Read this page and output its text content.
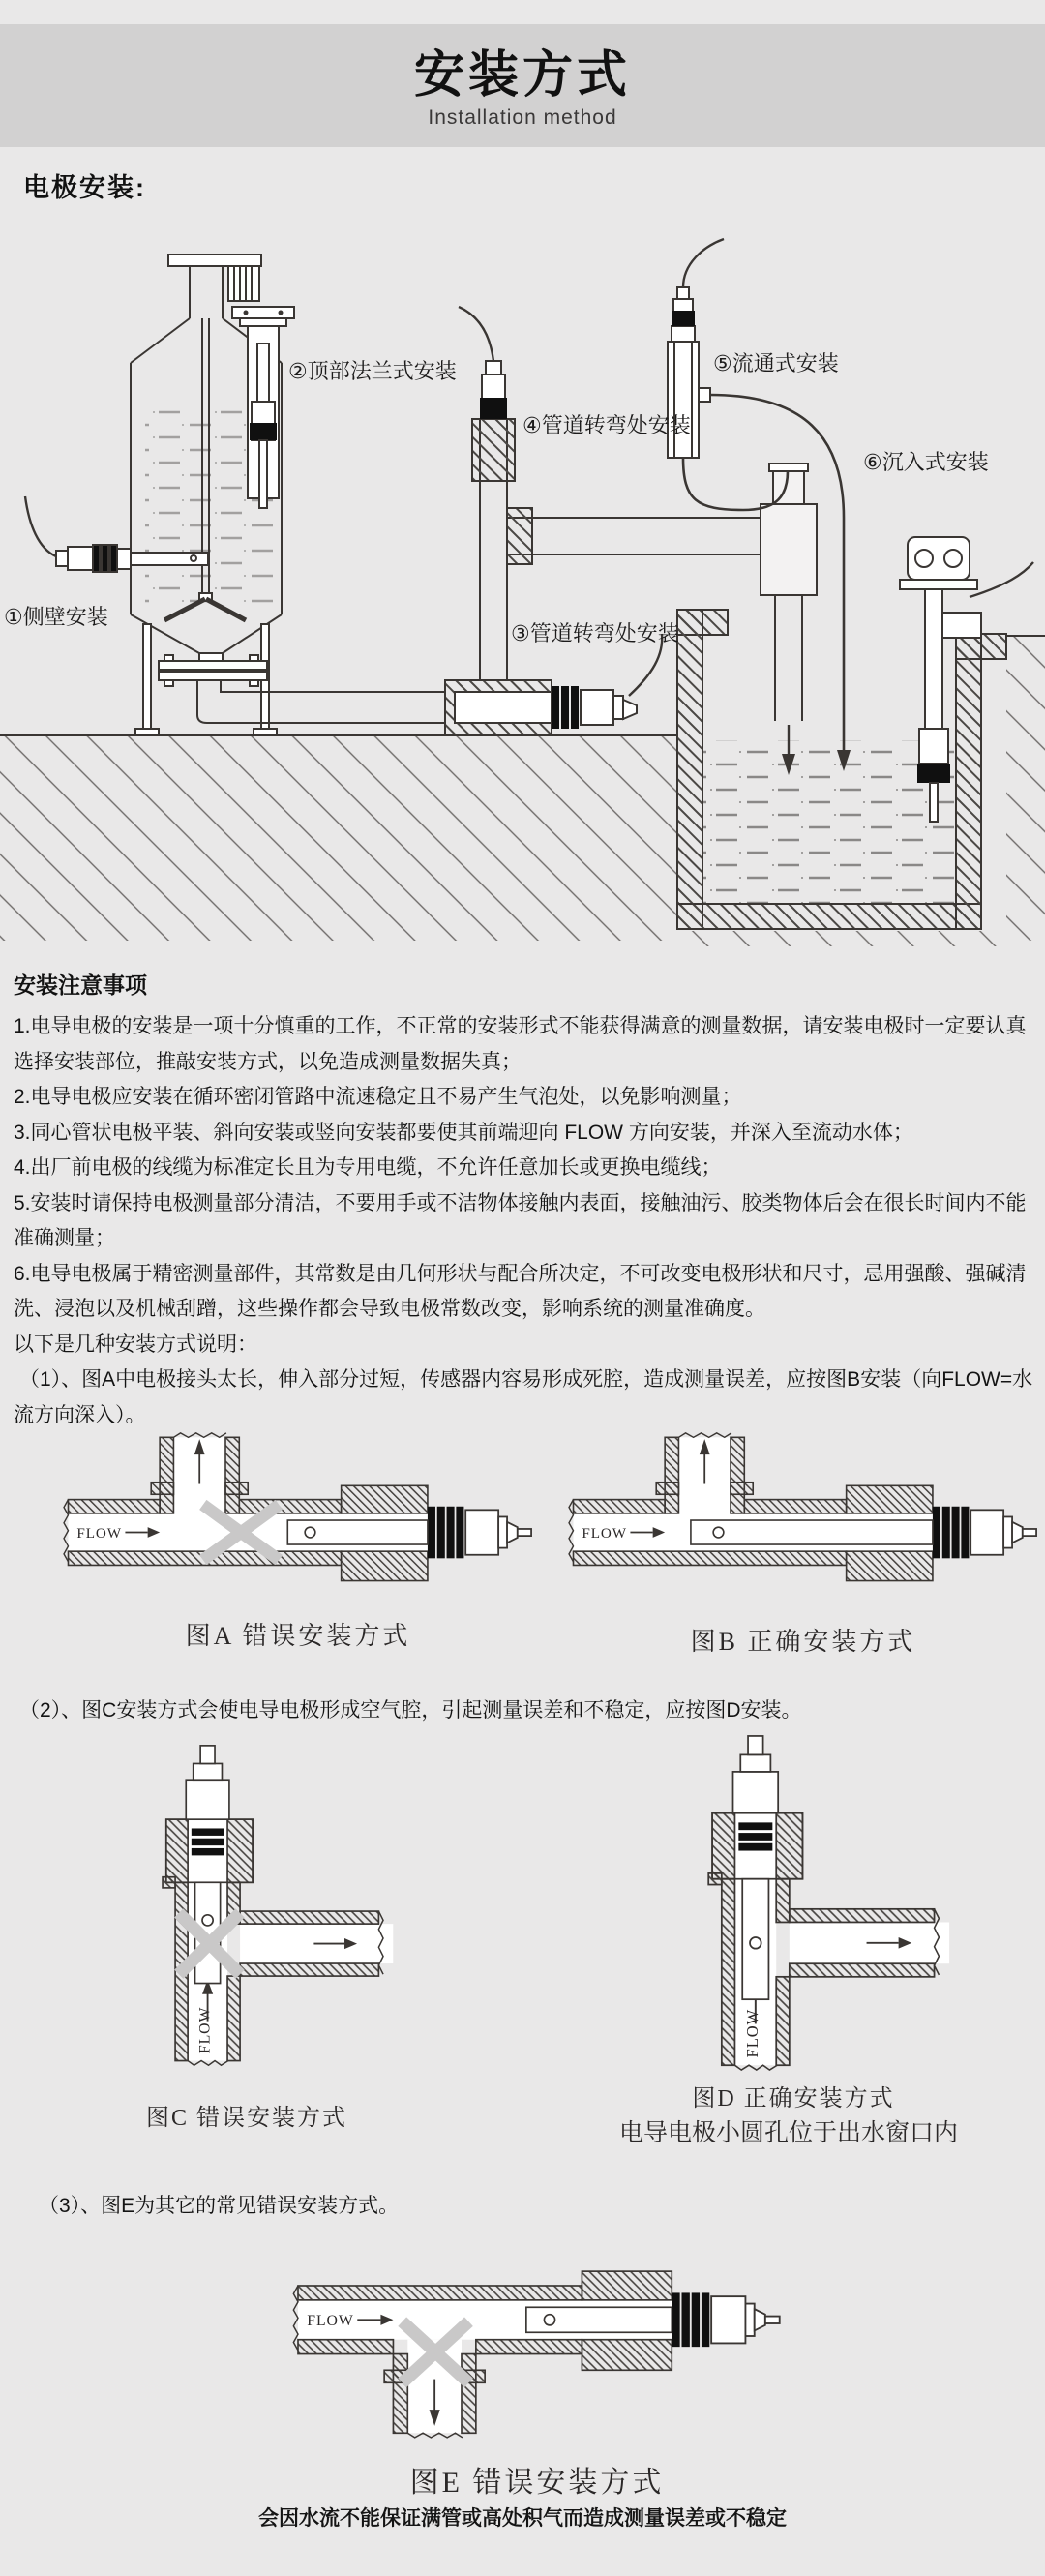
安装方式
Installation method
电极安装:
①侧壁安装
②顶部法兰式安装
③管道转弯处安装
④管道转弯处安装
⑤流通式安装
⑥沉入式安装
安装注意事项

1.电导电极的安装是一项十分慎重的工作，不正常的安装形式不能获得满意的测量数据，请安装电极时一定要认真选择安装部位，推敲安装方式，以免造成测量数据失真；

2.电导电极应安装在循环密闭管路中流速稳定且不易产生气泡处，以免影响测量；

3.同心管状电极平装、斜向安装或竖向安装都要使其前端迎向 FLOW 方向安装，并深入至流动水体；

4.出厂前电极的线缆为标准定长且为专用电缆，不允许任意加长或更换电缆线；

5.安装时请保持电极测量部分清洁，不要用手或不洁物体接触内表面，接触油污、胶类物体后会在很长时间内不能准确测量；

6.电导电极属于精密测量部件，其常数是由几何形状与配合所决定，不可改变电极形状和尺寸，忌用强酸、强碱清洗、浸泡以及机械刮蹭，这些操作都会导致电极常数改变，影响系统的测量准确度。

以下是几种安装方式说明：

（1）、图A中电极接头太长，伸入部分过短，传感器内容易形成死腔，造成测量误差，应按图B安装（向FLOW=水流方向深入）。

图A 错误安装方式	图B 正确安装方式
（2）、图C安装方式会使电导电极形成空气腔，引起测量误差和不稳定，应按图D安装。
图C 错误安装方式
图D 正确安装方式
电导电极小圆孔位于出水窗口内
（3）、图E为其它的常见错误安装方式。
图E 错误安装方式
会因水流不能保证满管或高处积气而造成测量误差或不稳定
